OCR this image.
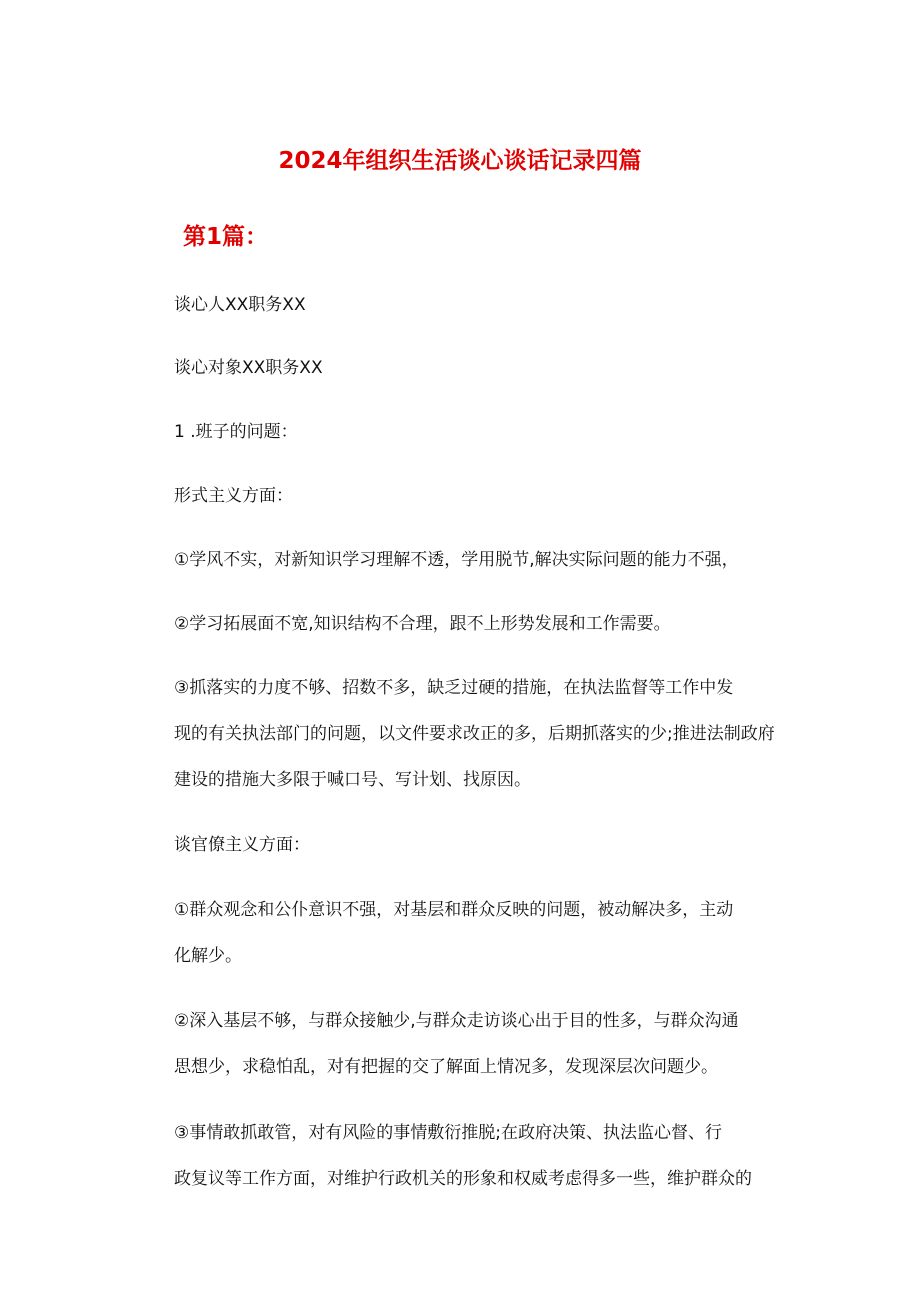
2024年组织生活谈心谈话记录四篇
第1篇：
谈心人XX职务XX
谈心对象XX职务XX
1 .班子的问题：
形式主义方面：
①学风不实，对新知识学习理解不透，学用脱节,解决实际问题的能力不强，
②学习拓展面不宽,知识结构不合理，跟不上形势发展和工作需要。
③抓落实的力度不够、招数不多，缺乏过硬的措施，在执法监督等工作中发
现的有关执法部门的问题，以文件要求改正的多，后期抓落实的少;推进法制政府
建设的措施大多限于喊口号、写计划、找原因。
谈官僚主义方面：
①群众观念和公仆意识不强，对基层和群众反映的问题，被动解决多，主动
化解少。
②深入基层不够，与群众接触少,与群众走访谈心出于目的性多，与群众沟通
思想少，求稳怕乱，对有把握的交了解面上情况多，发现深层次问题少。
③事情敢抓敢管，对有风险的事情敷衍推脱;在政府决策、执法监心督、行
政复议等工作方面，对维护行政机关的形象和权威考虑得多一些，维护群众的
